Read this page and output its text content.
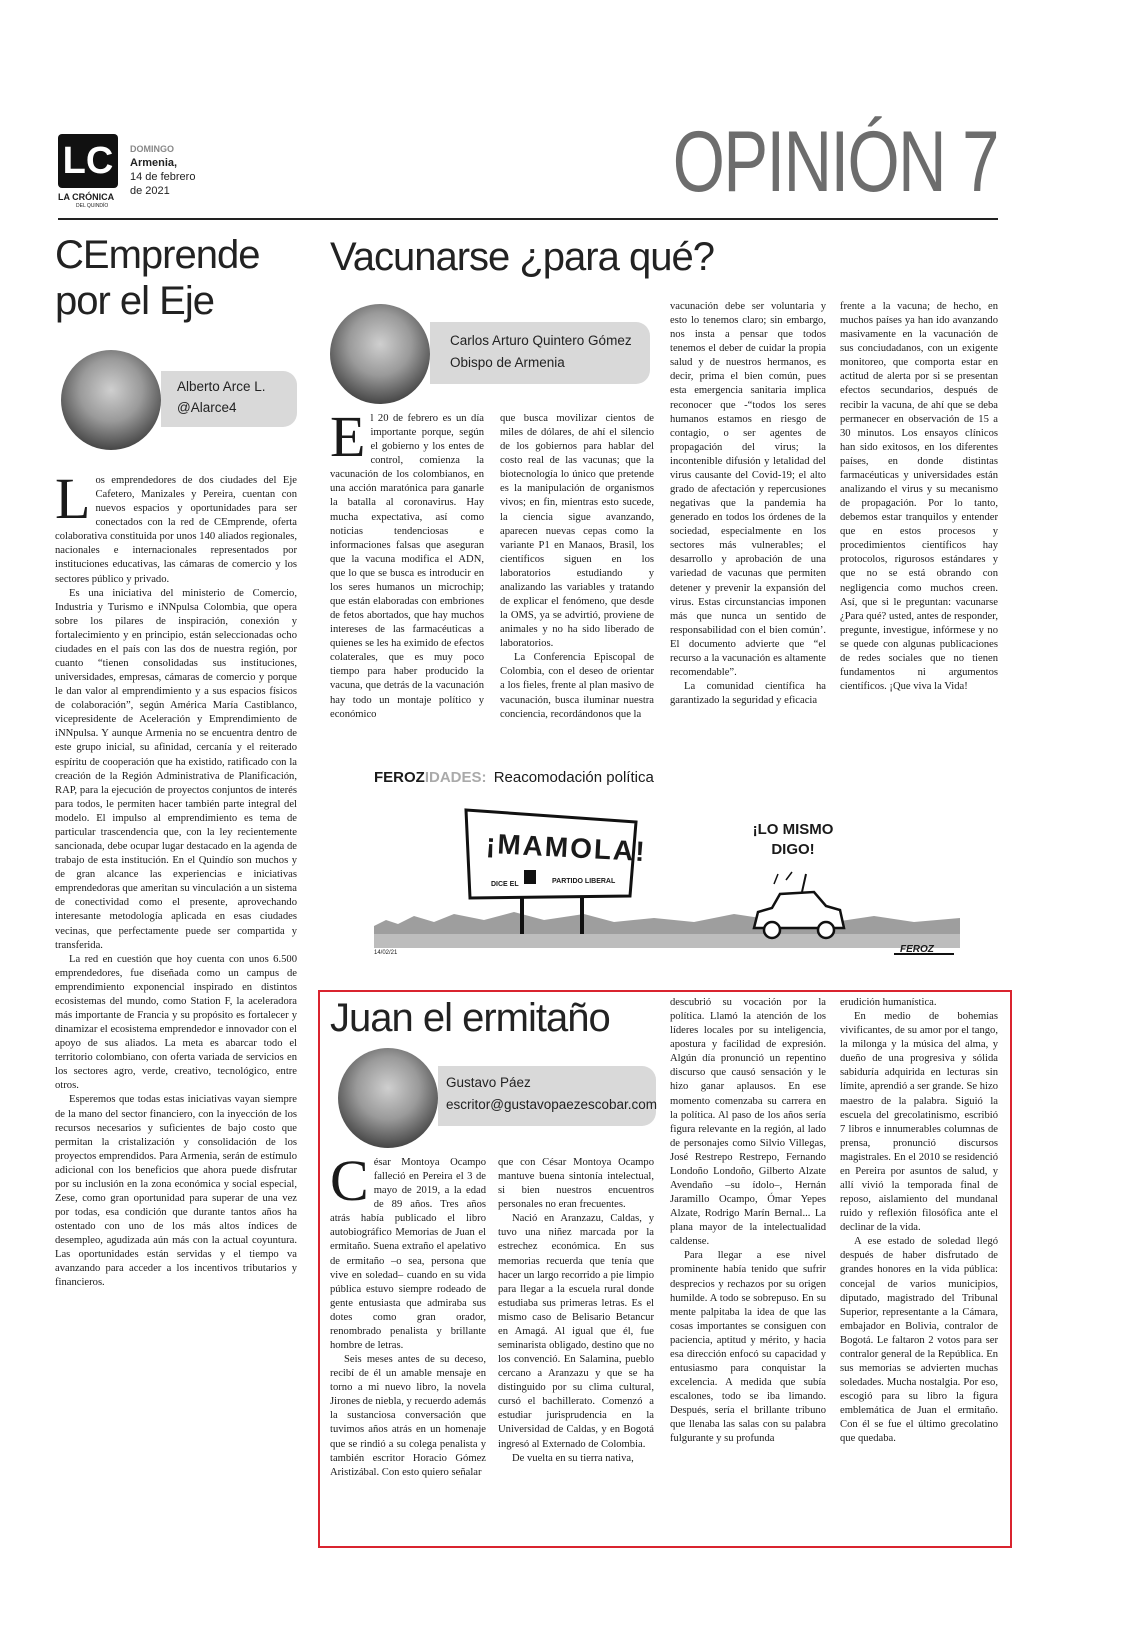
LC
LA CRÓNICA
DEL QUINDÍO
DOMINGO
Armenia,
14 de febrero
de 2021	OPINIÓN 7
CEmprende
por el Eje
Alberto Arce L.
@Alarce4

Los emprendedores de dos ciudades del Eje Cafetero, Manizales y Pereira, cuentan con nuevos espacios y oportunidades para ser conectados con la red de CEmprende, oferta colaborativa constituida por unos 140 aliados regionales, nacionales e internacionales representados por instituciones educativas, las cámaras de comercio y los sectores público y privado.

Es una iniciativa del ministerio de Comercio, Industria y Turismo e iNNpulsa Colombia, que opera sobre los pilares de inspiración, conexión y fortalecimiento y en principio, están seleccionadas ocho ciudades en el país con las dos de nuestra región, por cuanto “tienen consolidadas sus instituciones, universidades, empresas, cámaras de comercio y porque le dan valor al emprendimiento y a sus espacios físicos de colaboración”, según América María Castiblanco, vicepresidente de Aceleración y Emprendimiento de iNNpulsa. Y aunque Armenia no se encuentra dentro de este grupo inicial, su afinidad, cercanía y el reiterado espíritu de cooperación que ha existido, ratificado con la creación de la Región Administrativa de Planificación, RAP, para la ejecución de proyectos conjuntos de interés para todos, le permiten hacer también parte integral del modelo. El impulso al emprendimiento es tema de particular trascendencia que, con la ley recientemente sancionada, debe ocupar lugar destacado en la agenda de trabajo de esta institución. En el Quindío son muchos y de gran alcance las experiencias e iniciativas emprendedoras que ameritan su vinculación a un sistema de conectividad como el presente, aprovechando interesante metodología aplicada en esas ciudades vecinas, que perfectamente puede ser compartida y transferida.

La red en cuestión que hoy cuenta con unos 6.500 emprendedores, fue diseñada como un campus de emprendimiento exponencial inspirado en distintos ecosistemas del mundo, como Station F, la aceleradora más importante de Francia y su propósito es fortalecer y dinamizar el ecosistema emprendedor e innovador con el apoyo de sus aliados. La meta es abarcar todo el territorio colombiano, con oferta variada de servicios en los sectores agro, verde, creativo, tecnológico, entre otros.

Esperemos que todas estas iniciativas vayan siempre de la mano del sector financiero, con la inyección de los recursos necesarios y suficientes de bajo costo que permitan la cristalización y consolidación de los proyectos emprendidos. Para Armenia, serán de estímulo adicional con los beneficios que ahora puede disfrutar por su inclusión en la zona económica y social especial, Zese, como gran oportunidad para superar de una vez por todas, esa condición que durante tantos años ha ostentado con uno de los más altos índices de desempleo, agudizada aún más con la actual coyuntura. Las oportunidades están servidas y el tiempo va avanzando para acceder a los incentivos tributarios y financieros.

Vacunarse ¿para qué?
Carlos Arturo Quintero Gómez
Obispo de Armenia

El 20 de febrero es un día importante porque, según el gobierno y los entes de control, comienza la vacunación de los colombianos, en una acción maratónica para ganarle la batalla al coronavirus. Hay mucha expectativa, así como noticias tendenciosas e informaciones falsas que aseguran que la vacuna modifica el ADN, que lo que se busca es introducir en los seres humanos un microchip; que están elaboradas con embriones de fetos abortados, que hay muchos intereses de las farmacéuticas a quienes se les ha eximido de efectos colaterales, que es muy poco tiempo para haber producido la vacuna, que detrás de la vacunación hay todo un montaje político y económico

que busca movilizar cientos de miles de dólares, de ahí el silencio de los gobiernos para hablar del costo real de las vacunas; que la biotecnología lo único que pretende es la manipulación de organismos vivos; en fin, mientras esto sucede, la ciencia sigue avanzando, aparecen nuevas cepas como la variante P1 en Manaos, Brasil, los científicos siguen en los laboratorios estudiando y analizando las variables y tratando de explicar el fenómeno, que desde la OMS, ya se advirtió, proviene de animales y no ha sido liberado de laboratorios.

La Conferencia Episcopal de Colombia, con el deseo de orientar a los fieles, frente al plan masivo de vacunación, busca iluminar nuestra conciencia, recordándonos que la

vacunación debe ser voluntaria y esto lo tenemos claro; sin embargo, nos insta a pensar que todos tenemos el deber de cuidar la propia salud y de nuestros hermanos, es decir, prima el bien común, pues esta emergencia sanitaria implica reconocer que -“todos los seres humanos estamos en riesgo de contagio, o ser agentes de propagación del virus; la incontenible difusión y letalidad del virus causante del Covid-19; el alto grado de afectación y repercusiones negativas que la pandemia ha generado en todos los órdenes de la sociedad, especialmente en los sectores más vulnerables; el desarrollo y aprobación de una variedad de vacunas que permiten detener y prevenir la expansión del virus. Estas circunstancias imponen más que nunca un sentido de responsabilidad con el bien común’. El documento advierte que “el recurso a la vacunación es altamente recomendable”.

La comunidad científica ha garantizado la seguridad y eficacia

frente a la vacuna; de hecho, en muchos países ya han ido avanzando masivamente en la vacunación de sus conciudadanos, con un exigente monitoreo, que comporta estar en actitud de alerta por si se presentan efectos secundarios, después de recibir la vacuna, de ahí que se deba permanecer en observación de 15 a 30 minutos. Los ensayos clínicos han sido exitosos, en los diferentes países, en donde distintas farmacéuticas y universidades están analizando el virus y su mecanismo de propagación. Por lo tanto, debemos estar tranquilos y entender que en estos procesos y procedimientos científicos hay protocolos, rigurosos estándares y que no se está obrando con negligencia como muchos creen. Así, que si le preguntan: vacunarse ¿Para qué? usted, antes de responder, pregunte, investigue, infórmese y no se quede con algunas publicaciones de redes sociales que no tienen fundamentos ni argumentos científicos. ¡Que viva la Vida!

FEROZIDADES: Reacomodación política
¡MAMOLA!
DICE EL	PARTIDO LIBERAL
¡LO MISMO DIGO!
FEROZ
14/02/21
Juan el ermitaño
Gustavo Páez
escritor@gustavopaezescobar.com

César Montoya Ocampo falleció en Pereira el 3 de mayo de 2019, a la edad de 89 años. Tres años atrás había publicado el libro autobiográfico Memorias de Juan el ermitaño. Suena extraño el apelativo de ermitaño –o sea, persona que vive en soledad– cuando en su vida pública estuvo siempre rodeado de gente entusiasta que admiraba sus dotes como gran orador, renombrado penalista y brillante hombre de letras.

Seis meses antes de su deceso, recibí de él un amable mensaje en torno a mi nuevo libro, la novela Jirones de niebla, y recuerdo además la sustanciosa conversación que tuvimos años atrás en un homenaje que se rindió a su colega penalista y también escritor Horacio Gómez Aristizábal. Con esto quiero señalar

que con César Montoya Ocampo mantuve buena sintonía intelectual, si bien nuestros encuentros personales no eran frecuentes.

Nació en Aranzazu, Caldas, y tuvo una niñez marcada por la estrechez económica. En sus memorias recuerda que tenía que hacer un largo recorrido a pie limpio para llegar a la escuela rural donde estudiaba sus primeras letras. Es el mismo caso de Belisario Betancur en Amagá. Al igual que él, fue seminarista obligado, destino que no los convenció. En Salamina, pueblo cercano a Aranzazu y que se ha distinguido por su clima cultural, cursó el bachillerato. Comenzó a estudiar jurisprudencia en la Universidad de Caldas, y en Bogotá ingresó al Externado de Colombia.

De vuelta en su tierra nativa,

descubrió su vocación por la política. Llamó la atención de los líderes locales por su inteligencia, apostura y facilidad de expresión. Algún día pronunció un repentino discurso que causó sensación y le hizo ganar aplausos. En ese momento comenzaba su carrera en la política. Al paso de los años sería figura relevante en la región, al lado de personajes como Silvio Villegas, José Restrepo Restrepo, Fernando Londoño Londoño, Gilberto Alzate Avendaño –su ídolo–, Hernán Jaramillo Ocampo, Ómar Yepes Alzate, Rodrigo Marín Bernal... La plana mayor de la intelectualidad caldense.

Para llegar a ese nivel prominente había tenido que sufrir desprecios y rechazos por su origen humilde. A todo se sobrepuso. En su mente palpitaba la idea de que las cosas importantes se consiguen con paciencia, aptitud y mérito, y hacia esa dirección enfocó su capacidad y entusiasmo para conquistar la excelencia. A medida que subía escalones, todo se iba limando. Después, sería el brillante tribuno que llenaba las salas con su palabra fulgurante y su profunda

erudición humanística.

En medio de bohemias vivificantes, de su amor por el tango, la milonga y la música del alma, y dueño de una progresiva y sólida sabiduría adquirida en lecturas sin límite, aprendió a ser grande. Se hizo maestro de la palabra. Siguió la escuela del grecolatinismo, escribió 7 libros e innumerables columnas de prensa, pronunció discursos magistrales. En el 2010 se residenció en Pereira por asuntos de salud, y allí vivió la temporada final de reposo, aislamiento del mundanal ruido y reflexión filosófica ante el declinar de la vida.

A ese estado de soledad llegó después de haber disfrutado de grandes honores en la vida pública: concejal de varios municipios, diputado, magistrado del Tribunal Superior, representante a la Cámara, embajador en Bolivia, contralor de Bogotá. Le faltaron 2 votos para ser contralor general de la República. En sus memorias se advierten muchas soledades. Mucha nostalgia. Por eso, escogió para su libro la figura emblemática de Juan el ermitaño. Con él se fue el último grecolatino que quedaba.
